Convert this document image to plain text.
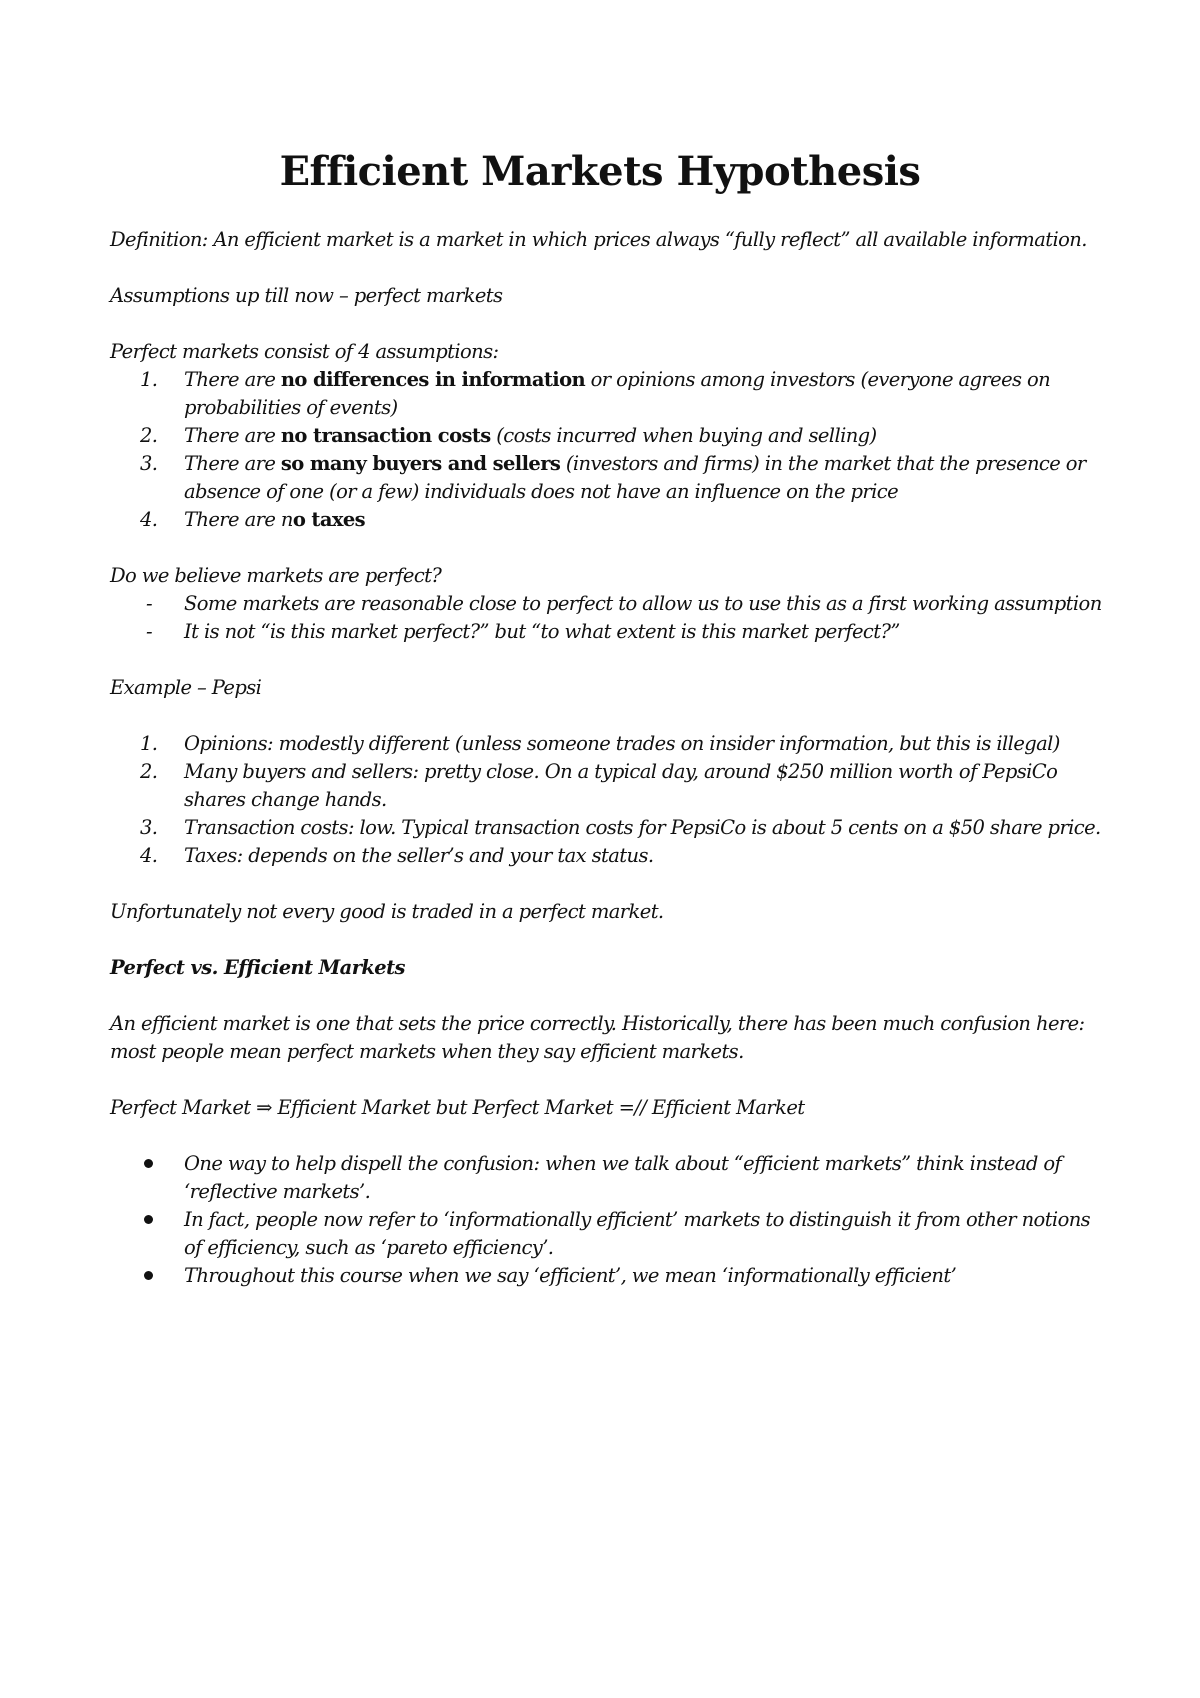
Efficient Markets Hypothesis

Definition: An efficient market is a market in which prices always “fully reflect” all available information.

Assumptions up till now – perfect markets

Perfect markets consist of 4 assumptions:

1.	There are no differences in information or opinions among investors (everyone agrees on probabilities of events)
2.	There are no transaction costs (costs incurred when buying and selling)
3.	There are so many buyers and sellers (investors and firms) in the market that the presence or absence of one (or a few) individuals does not have an influence on the price
4.	There are no taxes

Do we believe markets are perfect?

-	Some markets are reasonable close to perfect to allow us to use this as a first working assumption
-	It is not “is this market perfect?” but “to what extent is this market perfect?”

Example – Pepsi

1.	Opinions: modestly different (unless someone trades on insider information, but this is illegal)
2.	Many buyers and sellers: pretty close. On a typical day, around $250 million worth of PepsiCo shares change hands.
3.	Transaction costs: low. Typical transaction costs for PepsiCo is about 5 cents on a $50 share price.
4.	Taxes: depends on the seller’s and your tax status.

Unfortunately not every good is traded in a perfect market.

Perfect vs. Efficient Markets

An efficient market is one that sets the price correctly. Historically, there has been much confusion here: most people mean perfect markets when they say efficient markets.

Perfect Market ⇒ Efficient Market but Perfect Market =// Efficient Market

One way to help dispell the confusion: when we talk about “efficient markets” think instead of ‘reflective markets’.
In fact, people now refer to ‘informationally efficient’ markets to distinguish it from other notions of efficiency, such as ‘pareto efficiency’.
Throughout this course when we say ‘efficient’, we mean ‘informationally efficient’
